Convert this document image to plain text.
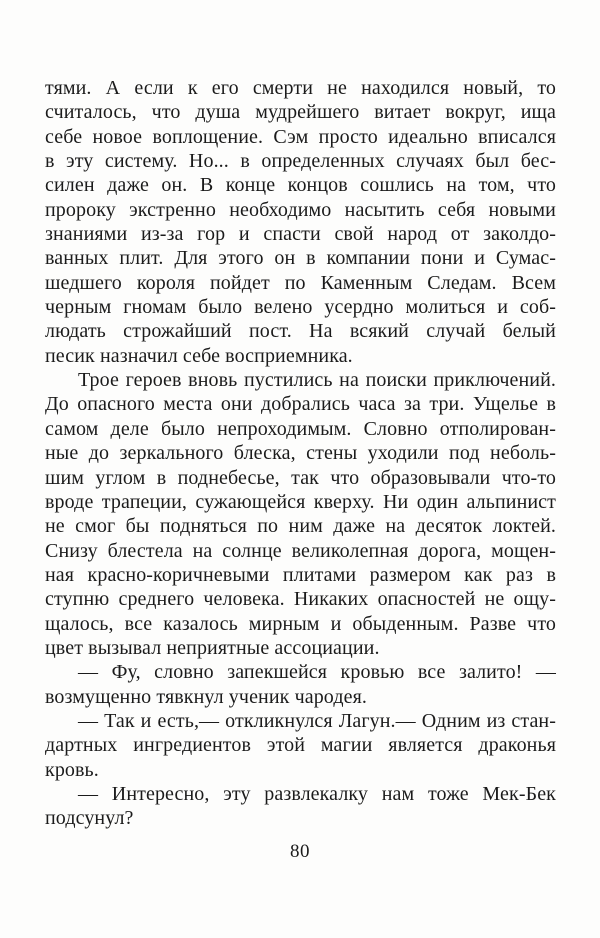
тями. А если к его смерти не находился новый, то
считалось, что душа мудрейшего витает вокруг, ища
себе новое воплощение. Сэм просто идеально вписался
в эту систему. Но... в определенных случаях был бес-
силен даже он. В конце концов сошлись на том, что
пророку экстренно необходимо насытить себя новыми
знаниями из-за гор и спасти свой народ от заколдо-
ванных плит. Для этого он в компании пони и Сумас-
шедшего короля пойдет по Каменным Следам. Всем
черным гномам было велено усердно молиться и соб-
людать строжайший пост. На всякий случай белый
песик назначил себе восприемника.
Трое героев вновь пустились на поиски приключений.
До опасного места они добрались часа за три. Ущелье в
самом деле было непроходимым. Словно отполирован-
ные до зеркального блеска, стены уходили под неболь-
шим углом в поднебесье, так что образовывали что-то
вроде трапеции, сужающейся кверху. Ни один альпинист
не смог бы подняться по ним даже на десяток локтей.
Снизу блестела на солнце великолепная дорога, мощен-
ная красно-коричневыми плитами размером как раз в
ступню среднего человека. Никаких опасностей не ощу-
щалось, все казалось мирным и обыденным. Разве что
цвет вызывал неприятные ассоциации.
— Фу, словно запекшейся кровью все залито! —
возмущенно тявкнул ученик чародея.
— Так и есть,— откликнулся Лагун.— Одним из стан-
дартных ингредиентов этой магии является драконья
кровь.
— Интересно, эту развлекалку нам тоже Мек-Бек
подсунул?
80
